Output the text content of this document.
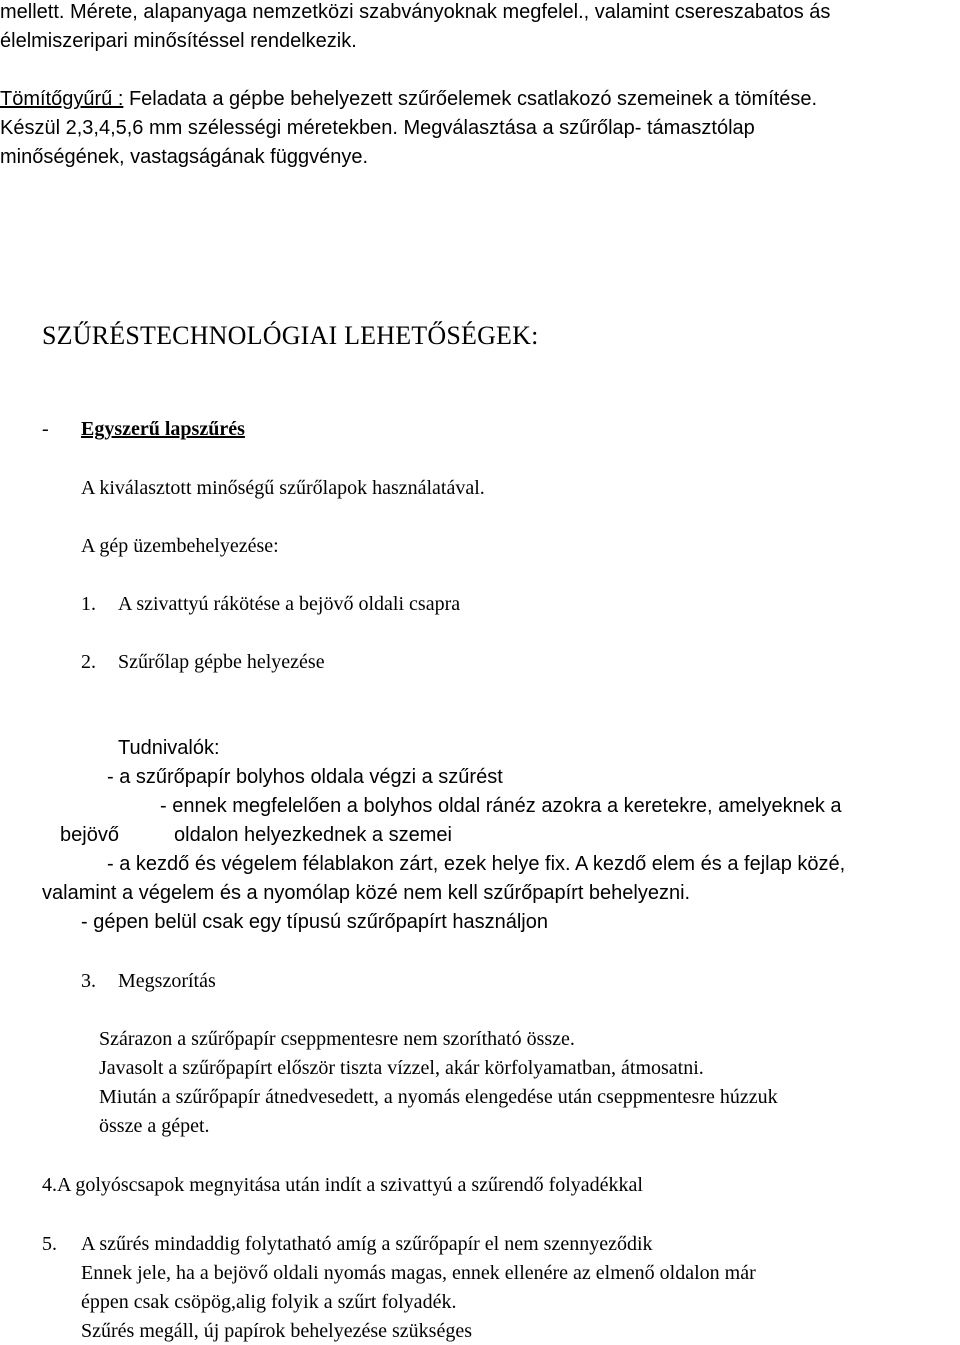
mellett. Mérete, alapanyaga nemzetközi szabványoknak megfelel., valamint csereszabatos ás
élelmiszeripari minősítéssel rendelkezik.
Tömítőgyűrű : Feladata a gépbe behelyezett szűrőelemek csatlakozó szemeinek a tömítése.
Készül 2,3,4,5,6 mm szélességi méretekben. Megválasztása a szűrőlap- támasztólap
minőségének, vastagságának függvénye.
SZŰRÉSTECHNOLÓGIAI LEHETŐSÉGEK:
- Egyszerű lapszűrés
A kiválasztott minőségű szűrőlapok használatával.
A gép üzembehelyezése:
1. A szivattyú rákötése a bejövő oldali csapra
2. Szűrőlap gépbe helyezése
Tudnivalók:
- a szűrőpapír bolyhos oldala végzi a szűrést
- ennek megfelelően a bolyhos oldal ránéz azokra a keretekre, amelyeknek a
bejövő	oldalon helyezkednek a szemei
- a kezdő és végelem félablakon zárt, ezek helye fix. A kezdő elem és a fejlap közé,
valamint a végelem és a nyomólap közé nem kell szűrőpapírt behelyezni.
- gépen belül csak egy típusú szűrőpapírt használjon
3. Megszorítás
Szárazon a szűrőpapír cseppmentesre nem szorítható össze.
Javasolt a szűrőpapírt először tiszta vízzel, akár körfolyamatban, átmosatni.
Miután a szűrőpapír átnedvesedett, a nyomás elengedése után cseppmentesre húzzuk
össze a gépet.
4.A golyóscsapok megnyitása után indít a szivattyú a szűrendő folyadékkal
5. A szűrés mindaddig folytatható amíg a szűrőpapír el nem szennyeződik
Ennek jele, ha a bejövő oldali nyomás magas, ennek ellenére az elmenő oldalon már
éppen csak csöpög,alig folyik a szűrt folyadék.
Szűrés megáll, új papírok behelyezése szükséges
